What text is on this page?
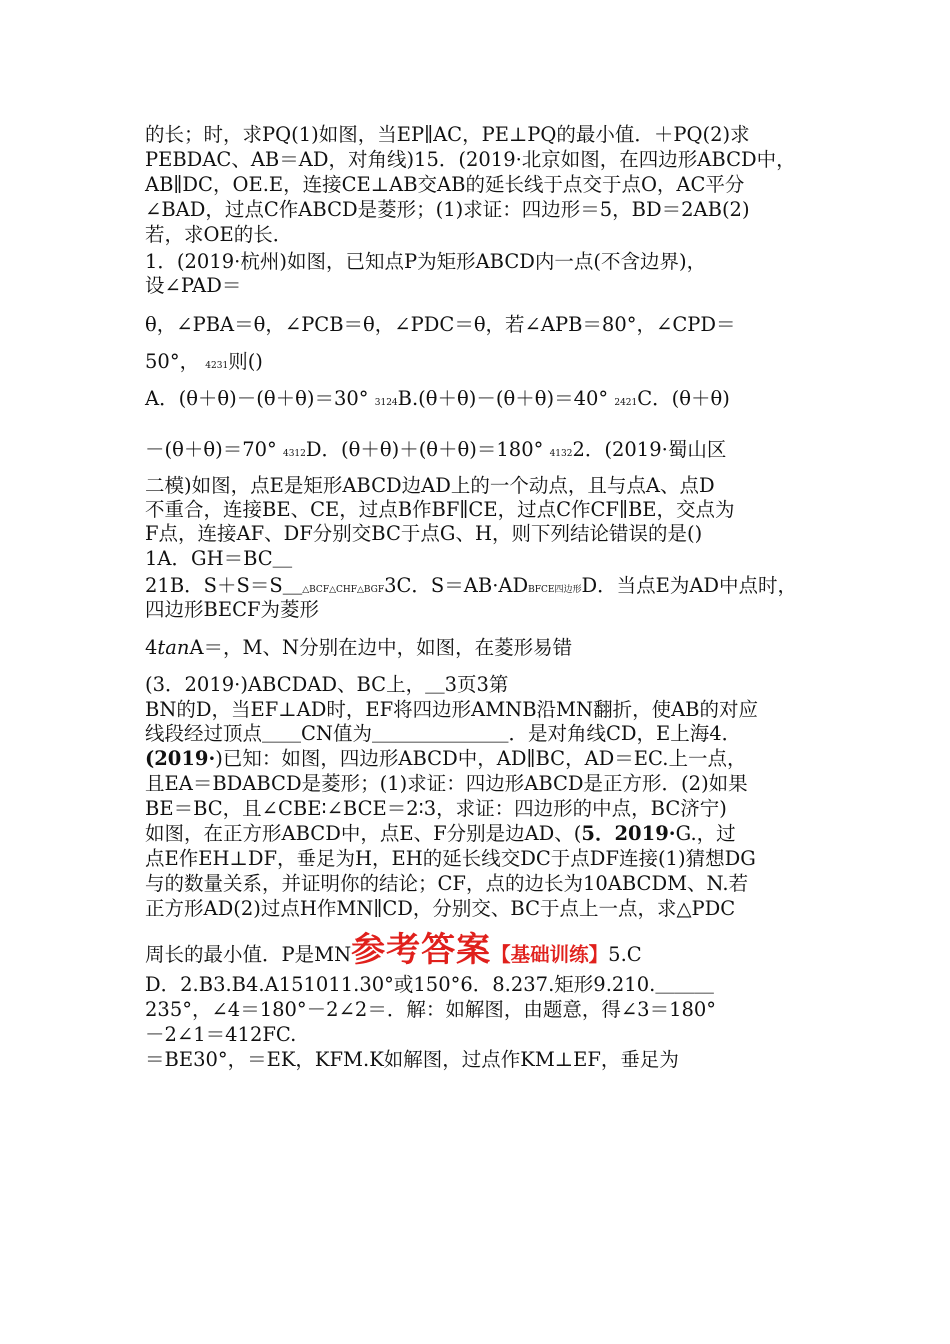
的长；时，求PQ(1)如图，当EP∥AC，PE⊥PQ的最小值．＋PQ(2)求
PEBDAC、AB＝AD，对角线)15．(2019·北京如图，在四边形ABCD中，
AB∥DC，OE.E，连接CE⊥AB交AB的延长线于点交于点O，AC平分
∠BAD，过点C作ABCD是菱形；(1)求证：四边形＝5，BD＝2AB(2)
若，求OE的长．
1．(2019·杭州)如图，已知点P为矩形ABCD内一点(不含边界)，
设∠PAD＝
θ，∠PBA＝θ，∠PCB＝θ，∠PDC＝θ，若∠APB＝80°，∠CPD＝
50°， 4231则()
A．(θ＋θ)－(θ＋θ)＝30° 3124B.(θ＋θ)－(θ＋θ)＝40° 2421C．(θ＋θ)
－(θ＋θ)＝70° 4312D．(θ＋θ)＋(θ＋θ)＝180° 41322．(2019·蜀山区
二模)如图，点E是矩形ABCD边AD上的一个动点，且与点A、点D
不重合，连接BE、CE，过点B作BF∥CE，过点C作CF∥BE，交点为
F点，连接AF、DF分别交BC于点G、H，则下列结论错误的是()
1A．GH＝BC＿
21B．S＋S＝S＿△BCF△CHF△BGF3C．S＝AB·ADBFCE四边形D．当点E为AD中点时，
四边形BECF为菱形
4tanA＝，M、N分别在边中，如图，在菱形易错
(3．2019·)ABCDAD、BC上，＿3页3第
BN的D，当EF⊥AD时，EF将四边形AMNB沿MN翻折，使AB的对应
线段经过顶点＿＿CN值为＿＿＿＿＿＿＿．是对角线CD，E上海4．
(2019·)已知：如图，四边形ABCD中，AD∥BC，AD＝EC.上一点，
且EA＝BDABCD是菱形；(1)求证：四边形ABCD是正方形．(2)如果
BE＝BC，且∠CBE∶∠BCE＝2∶3，求证：四边形的中点，BC济宁)
如图，在正方形ABCD中，点E、F分别是边AD、(5．2019·G.，过
点E作EH⊥DF，垂足为H，EH的延长线交DC于点DF连接(1)猜想DG
与的数量关系，并证明你的结论；CF，点的边长为10ABCDM、N.若
正方形AD(2)过点H作MN∥CD，分别交、BC于点上一点，求△PDC
周长的最小值．P是MN参考答案【基础训练】5.C
D．2.B3.B4.A151011.30°或150°6．8.237.矩形9.210.＿＿＿
235°，∠4＝180°－2∠2＝．解：如解图，由题意，得∠3＝180°
－2∠1＝412FC.
＝BE30°，＝EK，KFM.K如解图，过点作KM⊥EF，垂足为
